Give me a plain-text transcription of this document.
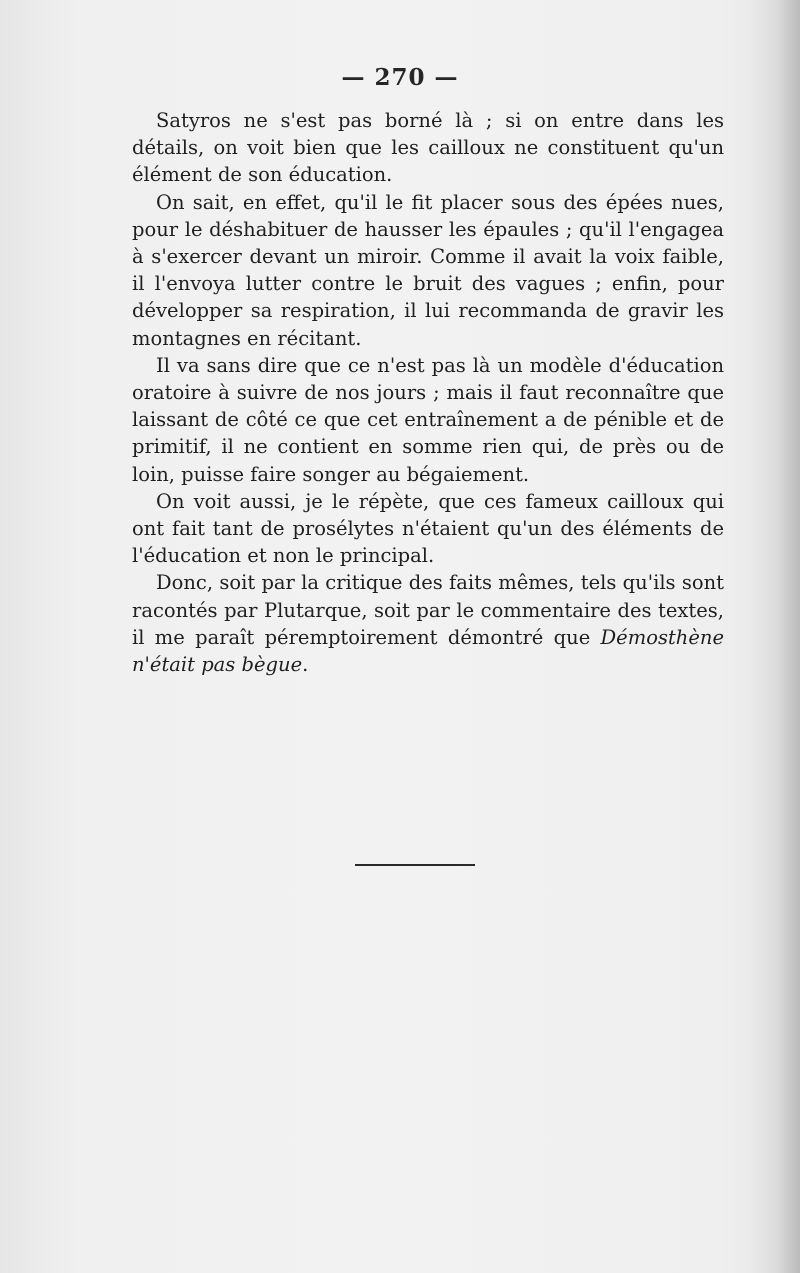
— 270 —

Satyros ne s'est pas borné là ; si on entre dans les détails, on voit bien que les cailloux ne constituent qu'un élément de son éducation.

On sait, en effet, qu'il le fit placer sous des épées nues, pour le déshabituer de hausser les épaules ; qu'il l'engagea à s'exercer devant un miroir. Comme il avait la voix faible, il l'envoya lutter contre le bruit des vagues ; enfin, pour développer sa respiration, il lui recommanda de gravir les montagnes en récitant.

Il va sans dire que ce n'est pas là un modèle d'éducation oratoire à suivre de nos jours ; mais il faut reconnaître que laissant de côté ce que cet entraînement a de pénible et de primitif, il ne contient en somme rien qui, de près ou de loin, puisse faire songer au bégaiement.

On voit aussi, je le répète, que ces fameux cailloux qui ont fait tant de prosélytes n'étaient qu'un des éléments de l'éducation et non le principal.

Donc, soit par la critique des faits mêmes, tels qu'ils sont racontés par Plutarque, soit par le commentaire des textes, il me paraît péremptoirement démontré que Démosthène n'était pas bègue.
